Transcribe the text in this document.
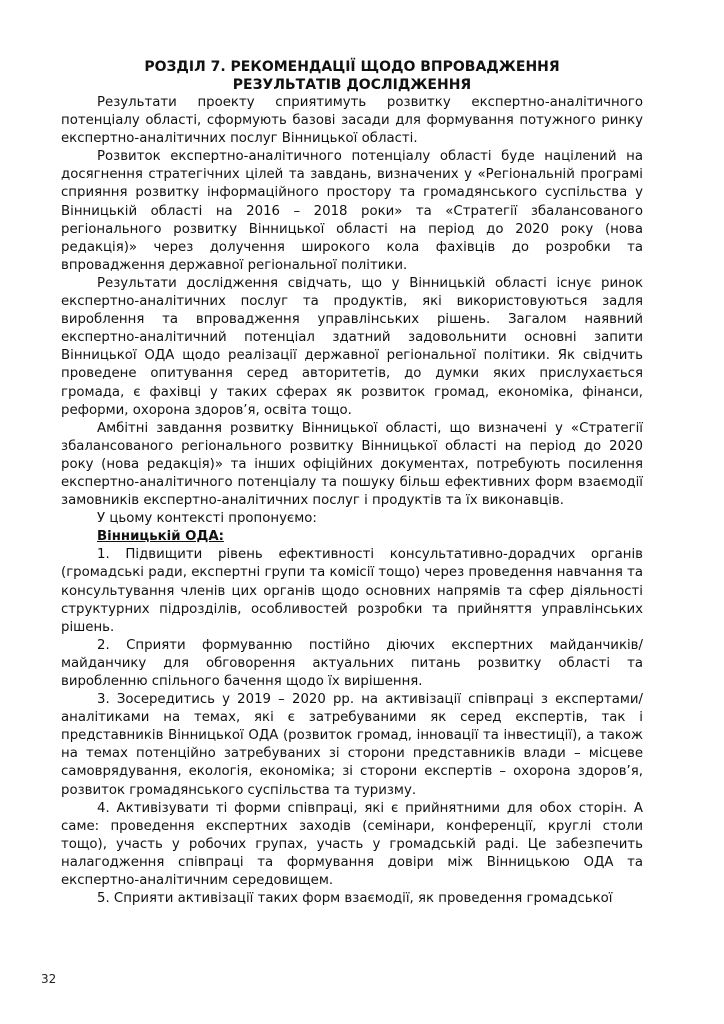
РОЗДІЛ 7. РЕКОМЕНДАЦІЇ ЩОДО ВПРОВАДЖЕННЯ
РЕЗУЛЬТАТІВ ДОСЛІДЖЕННЯ

Результати проекту сприятимуть розвитку експертно-аналітичного потенціалу області, сформують базові засади для формування потужного ринку експертно-аналітичних послуг Вінницької області.

Розвиток експертно-аналітичного потенціалу області буде націлений на досягнення стратегічних цілей та завдань, визначених у «Регіональній програмі сприяння розвитку інформаційного простору та громадянського суспільства у Вінницькій області на 2016 – 2018 роки» та «Стратегії збалансованого регіонального розвитку Вінницької області на період до 2020 року (нова редакція)» через долучення широкого кола фахівців до розробки та впровадження державної регіональної політики.

Результати дослідження свідчать, що у Вінницькій області існує ринок експертно-аналітичних послуг та продуктів, які використовуються задля вироблення та впровадження управлінських рішень. Загалом наявний експертно-аналітичний потенціал здатний задовольнити основні запити Вінницької ОДА щодо реалізації державної регіональної політики. Як свідчить проведене опитування серед авторитетів, до думки яких прислухається громада, є фахівці у таких сферах як розвиток громад, економіка, фінанси, реформи, охорона здоров’я, освіта тощо.

Амбітні завдання розвитку Вінницької області, що визначені у «Стратегії збалансованого регіонального розвитку Вінницької області на період до 2020 року (нова редакція)» та інших офіційних документах, потребують посилення експертно-аналітичного потенціалу та пошуку більш ефективних форм взаємодії замовників експертно-аналітичних послуг і продуктів та їх виконавців.

У цьому контексті пропонуємо:

Вінницькій ОДА:

1. Підвищити рівень ефективності консультативно-дорадчих органів (громадські ради, експертні групи та комісії тощо) через проведення навчання та консультування членів цих органів щодо основних напрямів та сфер діяльності структурних підрозділів, особливостей розробки та прийняття управлінських рішень.

2. Сприяти формуванню постійно діючих експертних майданчиків/ майданчику для обговорення актуальних питань розвитку області та виробленню спільного бачення щодо їх вирішення.

3. Зосередитись у 2019 – 2020 рр. на активізації співпраці з експертами/ аналітиками на темах, які є затребуваними як серед експертів, так і представників Вінницької ОДА (розвиток громад, інновації та інвестиції), а також на темах потенційно затребуваних зі сторони представників влади – місцеве самоврядування, екологія, економіка; зі сторони експертів – охорона здоров’я, розвиток громадянського суспільства та туризму.

4. Активізувати ті форми співпраці, які є прийнятними для обох сторін. А саме: проведення експертних заходів (семінари, конференції, круглі столи тощо), участь у робочих групах, участь у громадській раді. Це забезпечить налагодження співпраці та формування довіри між Вінницькою ОДА та експертно-аналітичним середовищем.

5. Сприяти активізації таких форм взаємодії, як проведення громадської

32
